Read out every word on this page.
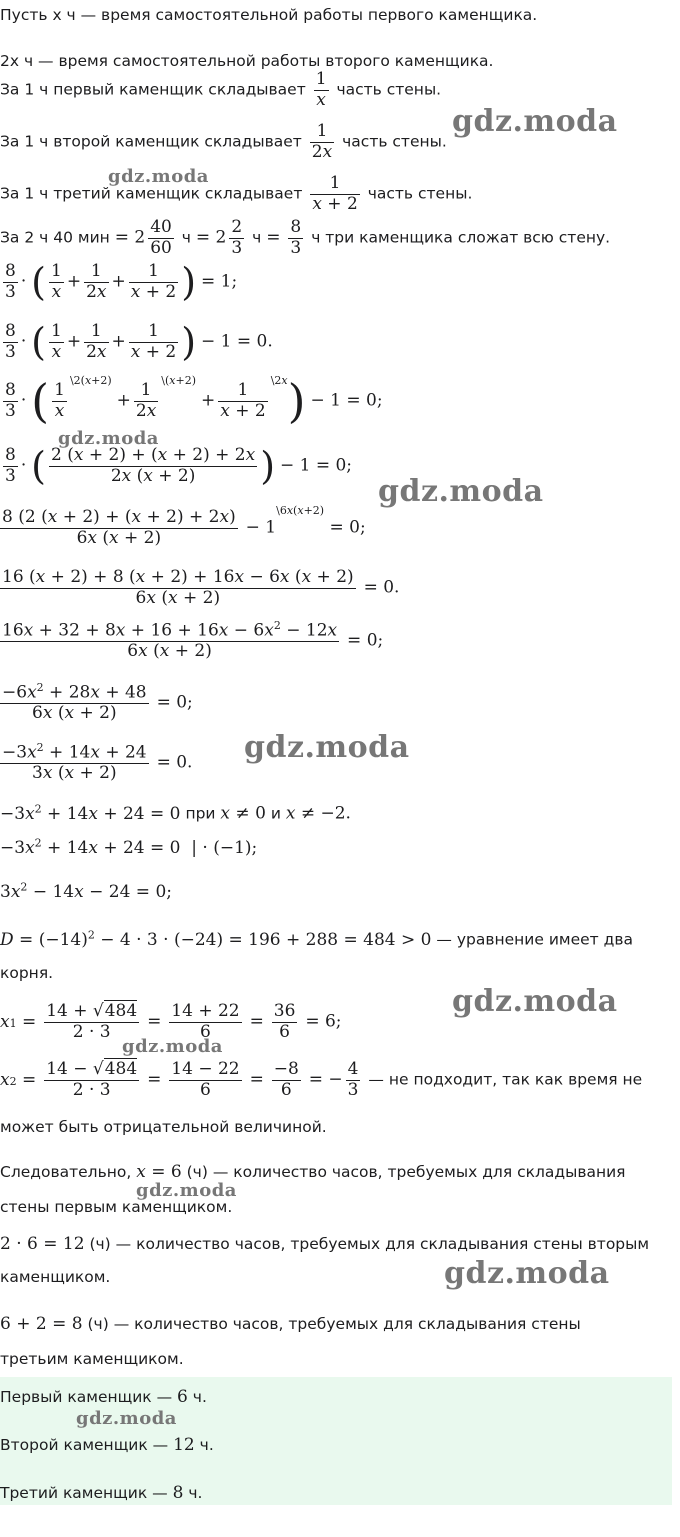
Пусть x ч — время самостоятельной работы первого каменщика.
2x ч — время самостоятельной работы второго каменщика.
За 1 ч первый каменщик складывает $\frac{1}{x}$ часть стены.
За 1 ч второй каменщик складывает $\frac{1}{2x}$ часть стены.
За 1 ч третий каменщик складывает $\frac{1}{x + 2}$ часть стены.
За 2 ч 40 мин = $2 \frac{40}{60}$ $ч = 2 \frac{2}{3}$ $ч = \frac{8}{3}$ ч три каменщика сложат всю стену.
$\frac{8}{3}$ · ( $\frac{1}{x} + \frac{1}{2x} + \frac{1}{x + 2}$ ) = 1;
$\frac{8}{3}$ · ( $\frac{1}{x} + \frac{1}{2x} + \frac{1}{x + 2}$ ) − 1 = 0.
$\frac{8}{3}$ · ( $\frac{1}{x}$
$^{\backslash 2(x+2)} + \frac{1}{2x}$
$^{\backslash(x+2)} + \frac{1}{x + 2}$
$^{\backslash 2x}$) − 1 = 0;
$\frac{8}{3}$ · ( $\frac{2 (x + 2) + (x + 2) + 2x}{2x (x + 2)}$ ) − 1 = 0;
$\frac{8 (2 (x + 2) + (x + 2) + 2x)}{6x (x + 2)} - 1^{\backslash 6x(x+2)} = 0$;
$\frac{16 (x + 2) + 8 (x + 2) + 16x - 6x (x + 2)}{6x (x + 2)} = 0$.
$\frac{16x + 32 + 8x + 16 + 16x - 6x^2 - 12x}{6x (x + 2)} = 0$;
$\frac{-6x^2 + 28x + 48}{6x (x + 2)} = 0$;
$\frac{-3x^2 + 14x + 24}{3x (x + 2)} = 0$.
$-3x^2 + 14x + 24 = 0$ при x ≠ 0 и x ≠ −2.
$-3x^2 + 14x + 24 = 0$  | · (−1);
$3x^2 - 14x - 24 = 0$;
$D = (-14)^2 - 4 \cdot 3 \cdot (-24) = 196 + 288 = 484 > 0$ — уравнение имеет два
корня.
$x1 = \frac{14 + √484}{2 \cdot 3} = \frac{14 + 22}{6} = \frac{36}{6} = 6$;
$x2 = \frac{14 - √484}{2 \cdot 3} = \frac{14 - 22}{6} = \frac{-8}{6}$ = − $\frac{4}{3}$ — не подходит, так как время не
может быть отрицательной величиной.
Следовательно, x = 6 (ч) — количество часов, требуемых для складывания
стены первым каменщиком.
2 · 6 = 12 (ч) — количество часов, требуемых для складывания стены вторым
каменщиком.
6 + 2 = 8 (ч) — количество часов, требуемых для складывания стены
третьим каменщиком.
Первый каменщик — 6 ч.
Второй каменщик — 12 ч.
Третий каменщик — 8 ч.
gdz.moda
gdz.moda
gdz.moda
gdz.moda
gdz.moda
gdz.moda
gdz.moda
gdz.moda
gdz.moda
gdz.moda
